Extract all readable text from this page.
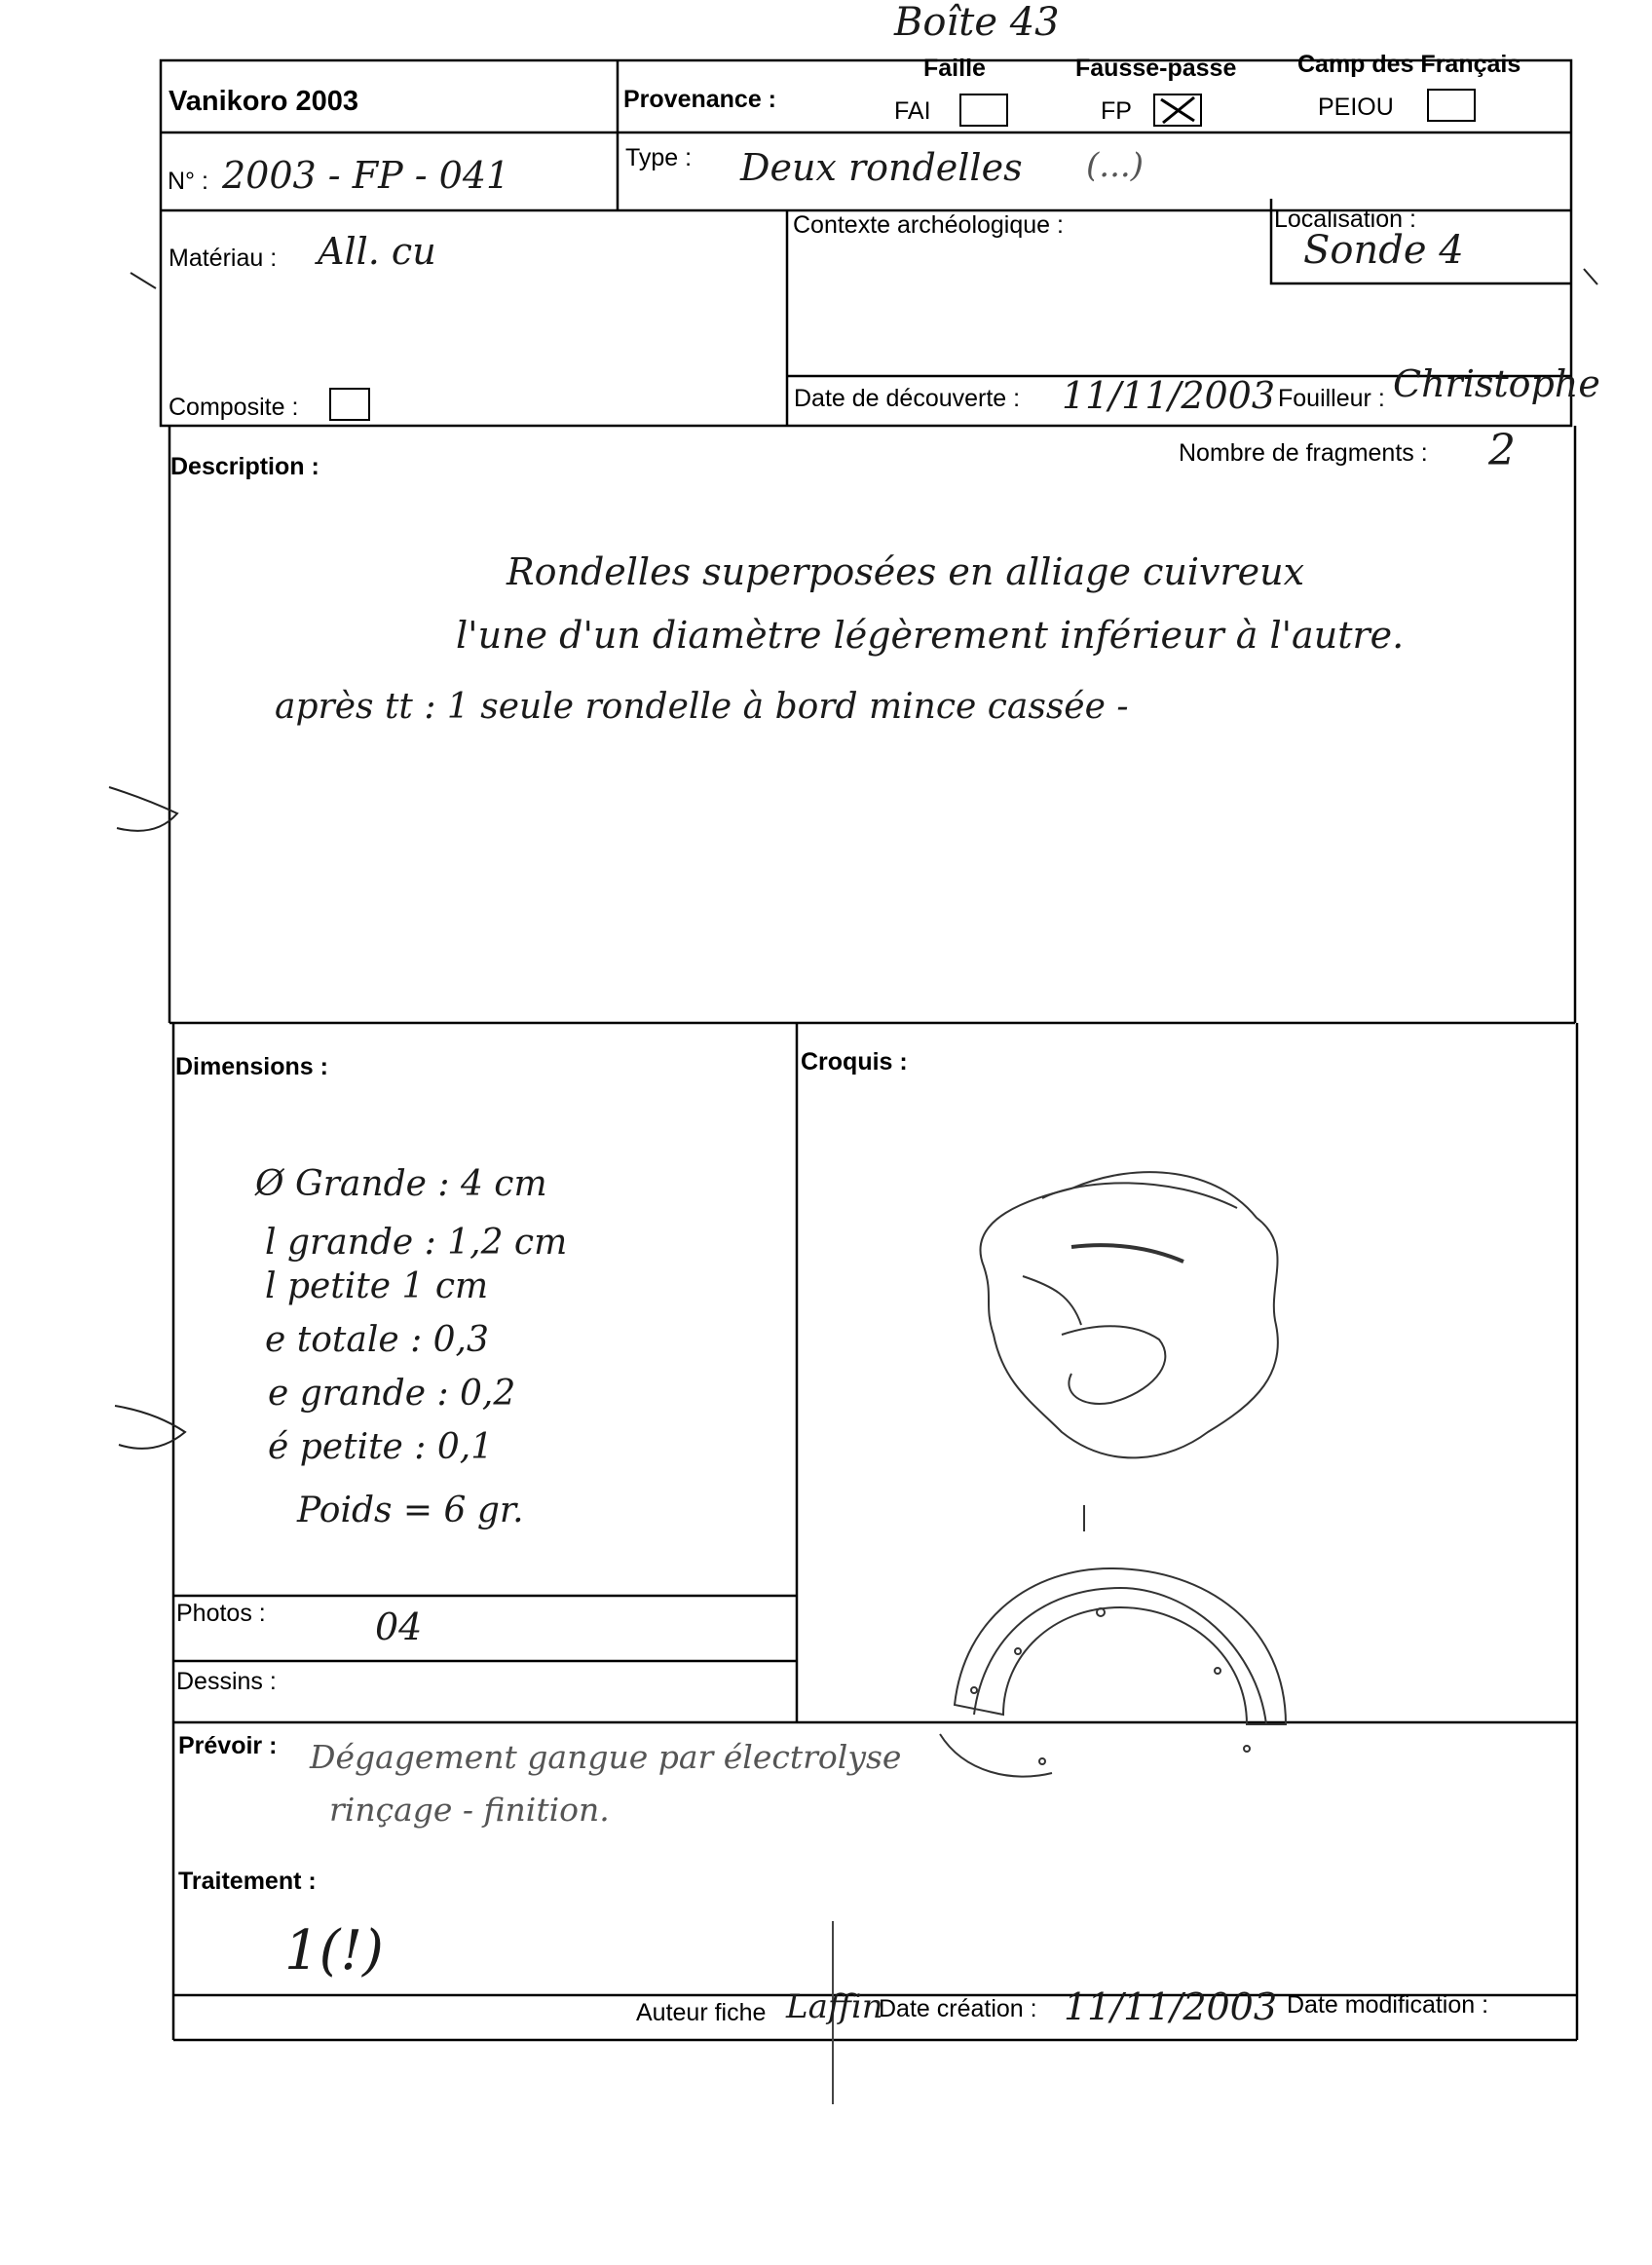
Boîte 43
Vanikoro 2003	Provenance :
Faille
FAI
Fausse-passe
FP
Camp des Français
PEIOU
N° : 2003 - FP - 041	Type : Deux rondelles (...)
Matériau : All. cu
Contexte archéologique :	Localisation :
Sonde 4
Composite :	Date de découverte : 11/11/2003 Fouilleur : Christophe
Description :	Nombre de fragments : 2
Rondelles superposées en alliage cuivreux
l'une d'un diamètre légèrement inférieur à l'autre.
après tt : 1 seule rondelle à bord mince cassée -
Dimensions :
Ø Grande : 4 cm
l grande : 1,2 cm
l petite 1 cm
e totale : 0,3
e grande : 0,2
é petite : 0,1
Poids = 6 gr.
Croquis :
Photos :	04
Dessins :
Prévoir : Dégagement gangue par électrolyse
rinçage - finition.
Traitement :
1(!)
Auteur fiche Laffin
Date création : 11/11/2003 Date modification :
